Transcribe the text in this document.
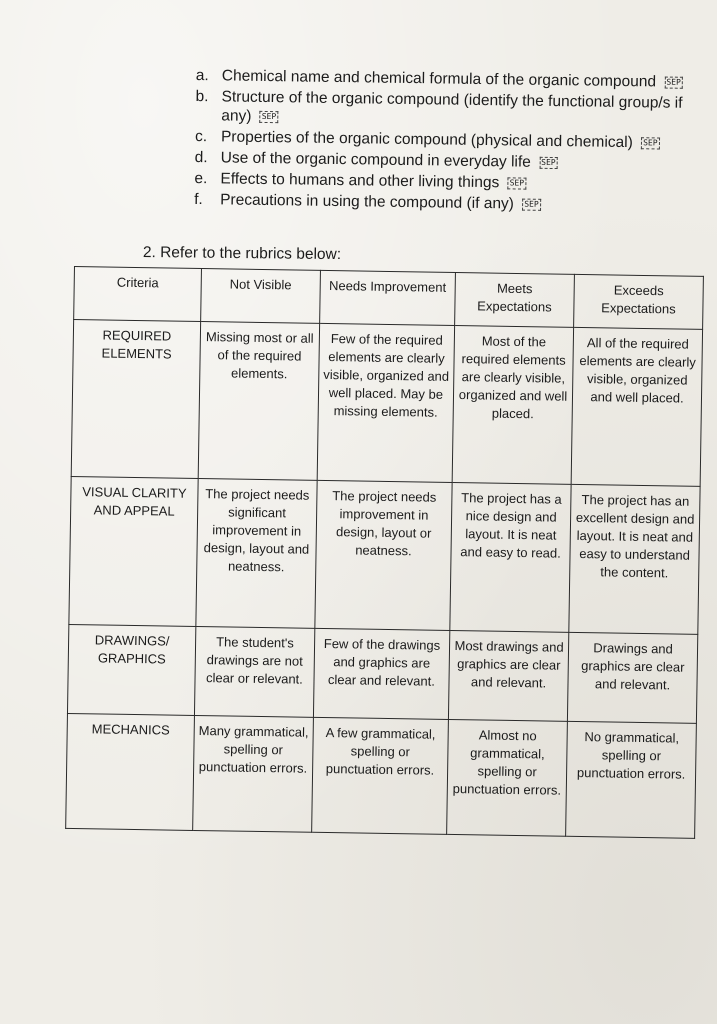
a. Chemical name and chemical formula of the organic compound SEP
b. Structure of the organic compound (identify the functional group/s if any) SEP
c. Properties of the organic compound (physical and chemical) SEP
d. Use of the organic compound in everyday life SEP
e. Effects to humans and other living things SEP
f. Precautions in using the compound (if any) SEP
2. Refer to the rubrics below:
Criteria	Not Visible	Needs Improvement	Meets Expectations	Exceeds Expectations
REQUIRED ELEMENTS	Missing most or all of the required elements.	Few of the required elements are clearly visible, organized and well placed. May be missing elements.	Most of the required elements are clearly visible, organized and well placed.	All of the required elements are clearly visible, organized and well placed.
VISUAL CLARITY AND APPEAL	The project needs significant improvement in design, layout and neatness.	The project needs improvement in design, layout or neatness.	The project has a nice design and layout. It is neat and easy to read.	The project has an excellent design and layout. It is neat and easy to understand the content.
DRAWINGS/ GRAPHICS	The student's drawings are not clear or relevant.	Few of the drawings and graphics are clear and relevant.	Most drawings and graphics are clear and relevant.	Drawings and graphics are clear and relevant.
MECHANICS	Many grammatical, spelling or punctuation errors.	A few grammatical, spelling or punctuation errors.	Almost no grammatical, spelling or punctuation errors.	No grammatical, spelling or punctuation errors.
